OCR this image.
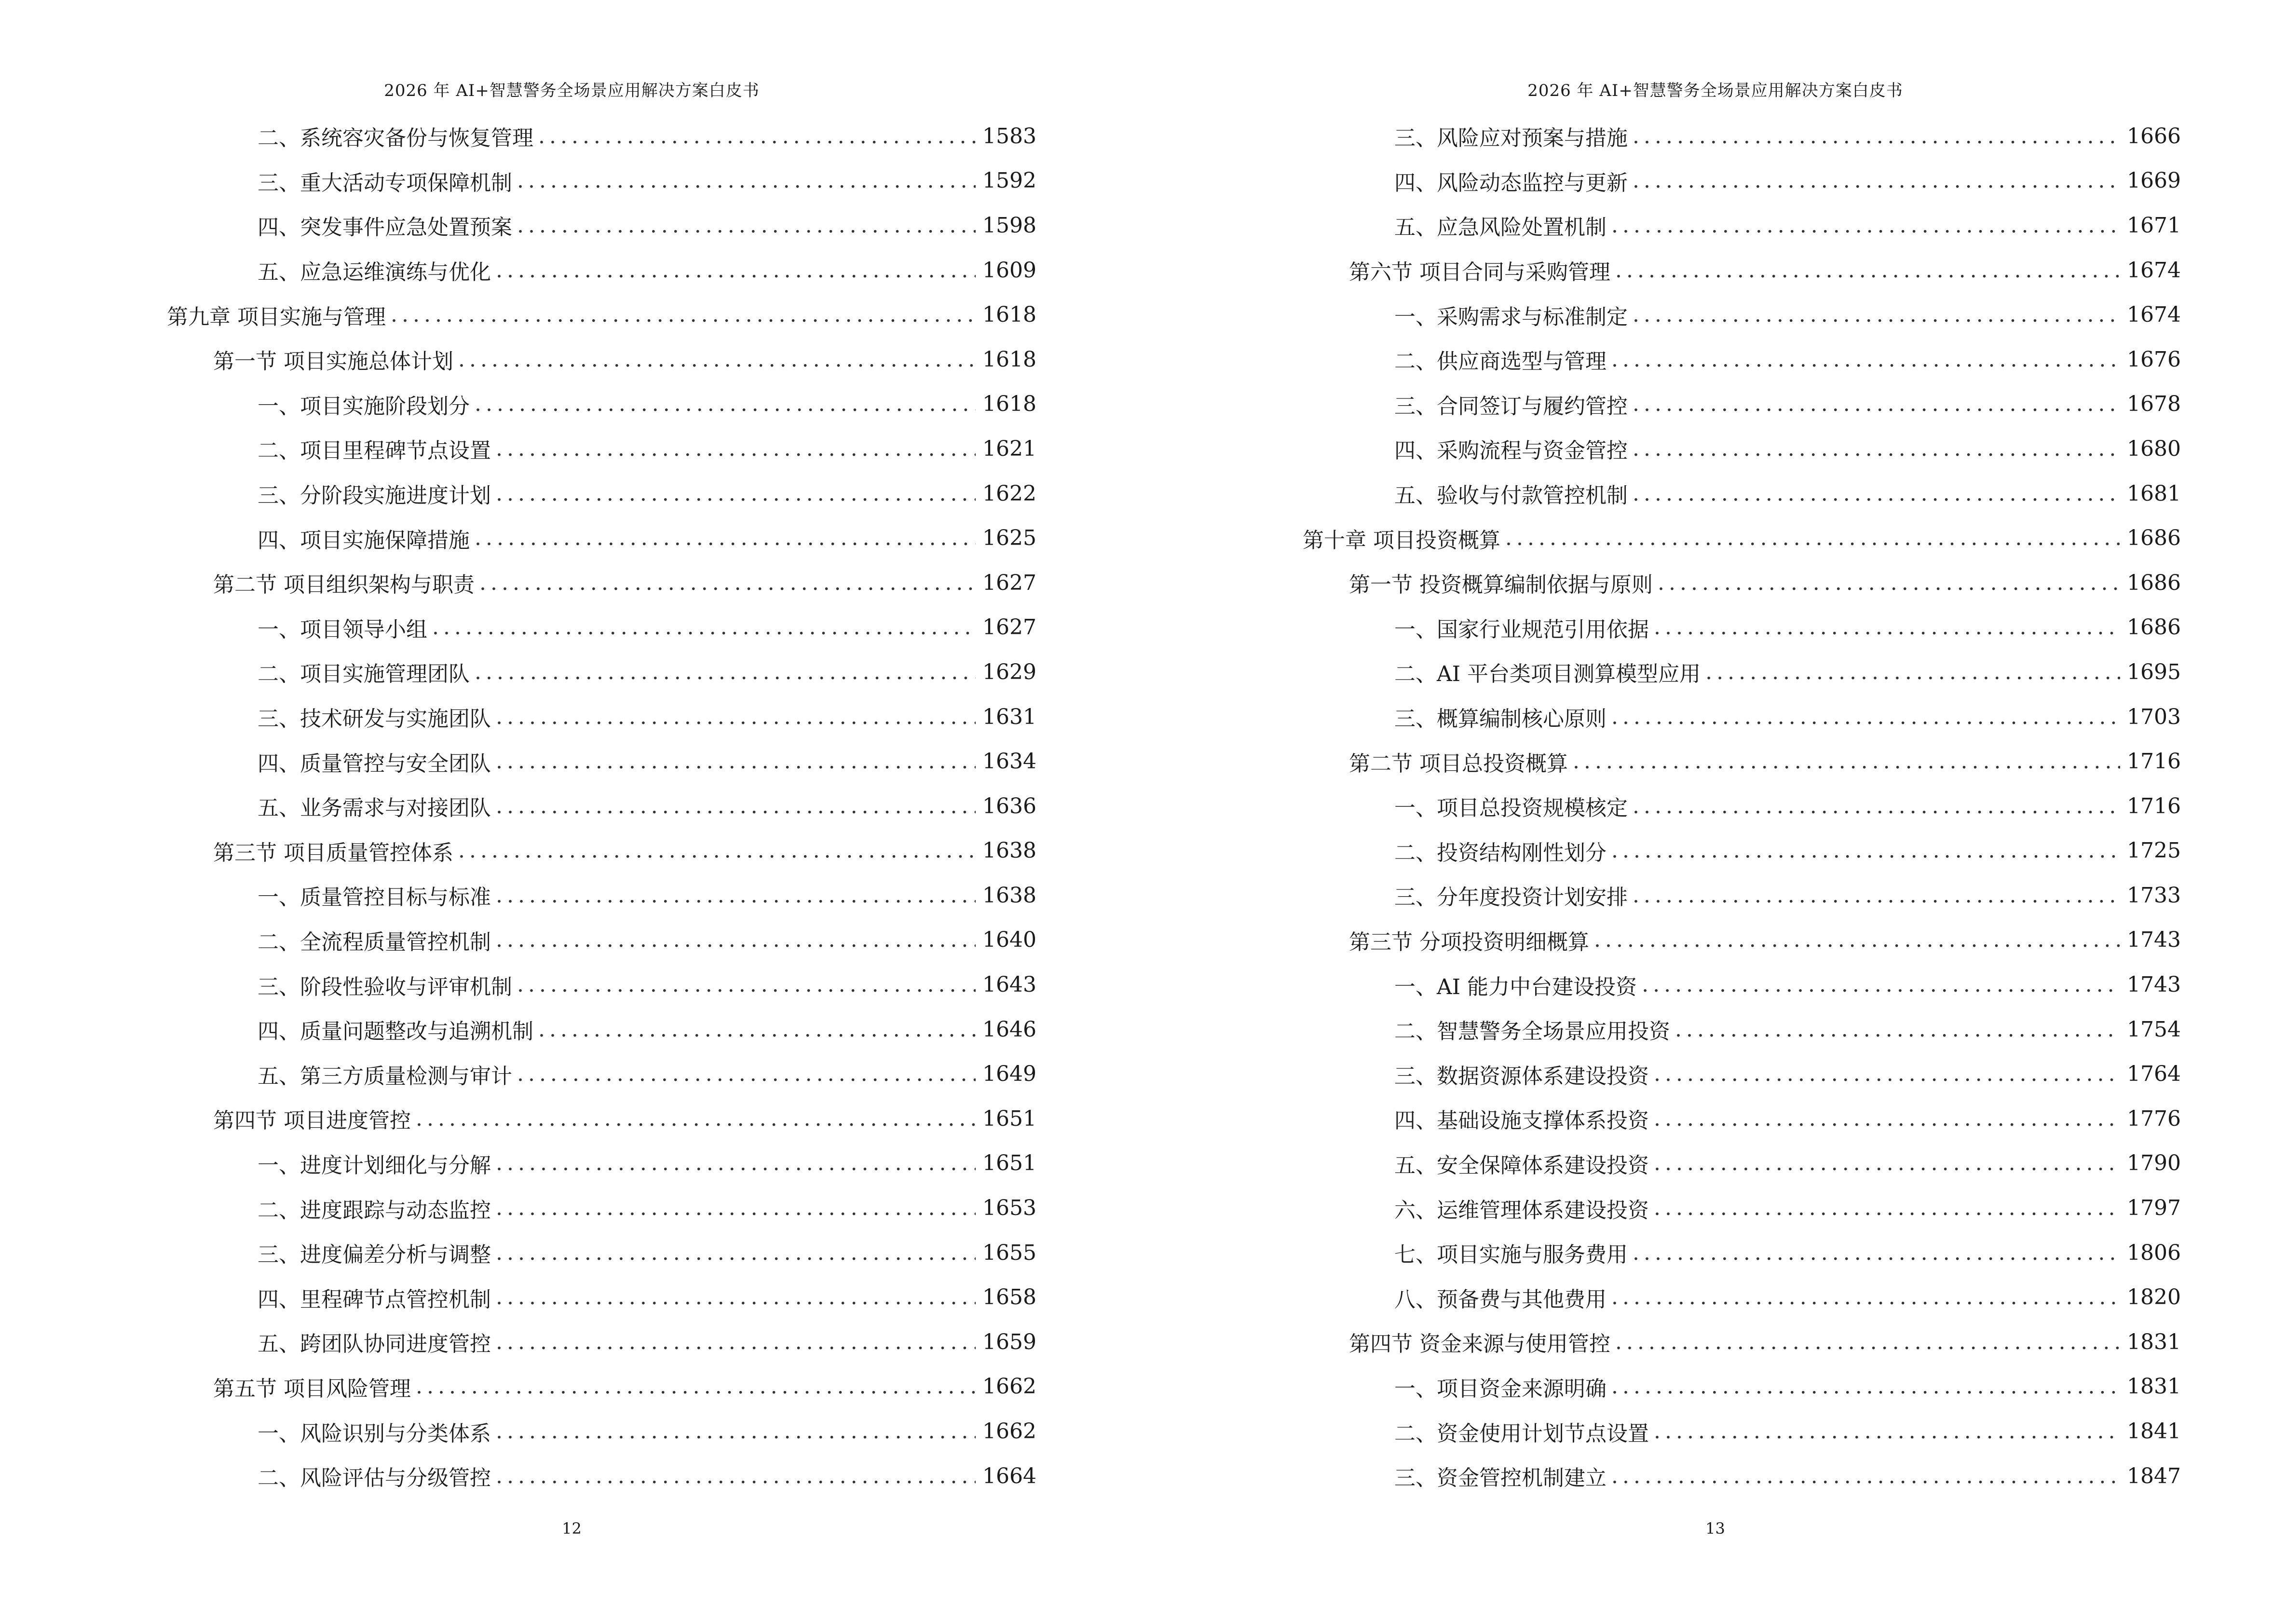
2026 年 AI+智慧警务全场景应用解决方案白皮书
二、系统容灾备份与恢复管理 .....	1583
三、重大活动专项保障机制 .....	1592
四、突发事件应急处置预案 .....	1598
五、应急运维演练与优化 .....	1609
第九章 项目实施与管理 .....	1618
第一节 项目实施总体计划 .....	1618
一、项目实施阶段划分 .....	1618
二、项目里程碑节点设置 .....	1621
三、分阶段实施进度计划 .....	1622
四、项目实施保障措施 .....	1625
第二节 项目组织架构与职责 .....	1627
一、项目领导小组 .....	1627
二、项目实施管理团队 .....	1629
三、技术研发与实施团队 .....	1631
四、质量管控与安全团队 .....	1634
五、业务需求与对接团队 .....	1636
第三节 项目质量管控体系 .....	1638
一、质量管控目标与标准 .....	1638
二、全流程质量管控机制 .....	1640
三、阶段性验收与评审机制 .....	1643
四、质量问题整改与追溯机制 .....	1646
五、第三方质量检测与审计 .....	1649
第四节 项目进度管控 .....	1651
一、进度计划细化与分解 .....	1651
二、进度跟踪与动态监控 .....	1653
三、进度偏差分析与调整 .....	1655
四、里程碑节点管控机制 .....	1658
五、跨团队协同进度管控 .....	1659
第五节 项目风险管理 .....	1662
一、风险识别与分类体系 .....	1662
二、风险评估与分级管控 .....	1664
12
2026 年 AI+智慧警务全场景应用解决方案白皮书
三、风险应对预案与措施 .....	1666
四、风险动态监控与更新 .....	1669
五、应急风险处置机制 .....	1671
第六节 项目合同与采购管理 .....	1674
一、采购需求与标准制定 .....	1674
二、供应商选型与管理 .....	1676
三、合同签订与履约管控 .....	1678
四、采购流程与资金管控 .....	1680
五、验收与付款管控机制 .....	1681
第十章 项目投资概算 .....	1686
第一节 投资概算编制依据与原则 .....	1686
一、国家行业规范引用依据 .....	1686
二、AI 平台类项目测算模型应用 .....	1695
三、概算编制核心原则 .....	1703
第二节 项目总投资概算 .....	1716
一、项目总投资规模核定 .....	1716
二、投资结构刚性划分 .....	1725
三、分年度投资计划安排 .....	1733
第三节 分项投资明细概算 .....	1743
一、AI 能力中台建设投资 .....	1743
二、智慧警务全场景应用投资 .....	1754
三、数据资源体系建设投资 .....	1764
四、基础设施支撑体系投资 .....	1776
五、安全保障体系建设投资 .....	1790
六、运维管理体系建设投资 .....	1797
七、项目实施与服务费用 .....	1806
八、预备费与其他费用 .....	1820
第四节 资金来源与使用管控 .....	1831
一、项目资金来源明确 .....	1831
二、资金使用计划节点设置 .....	1841
三、资金管控机制建立 .....	1847
13
